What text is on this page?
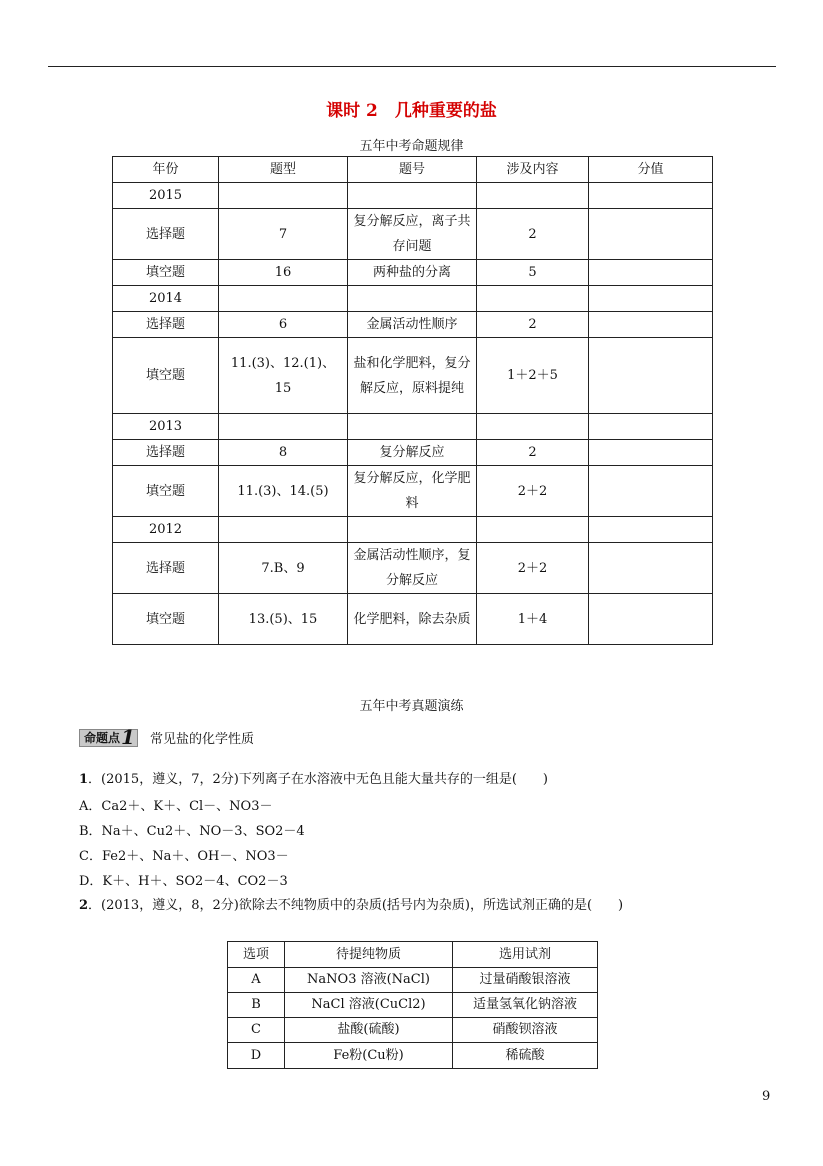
课时 2　几种重要的盐
五年中考命题规律
年份	题型	题号	涉及内容	分值
2015				
选择题	7	复分解反应，离子共存问题	2	
填空题	16	两种盐的分离	5	
2014				
选择题	6	金属活动性顺序	2	
填空题	11.(3)、12.(1)、15	盐和化学肥料，复分解反应，原料提纯	1＋2＋5	
2013				
选择题	8	复分解反应	2	
填空题	11.(3)、14.(5)	复分解反应，化学肥料	2＋2	
2012				
选择题	7.B、9	金属活动性顺序，复分解反应	2＋2	
填空题	13.(5)、15	化学肥料，除去杂质	1＋4	
五年中考真题演练
命题点 1 常见盐的化学性质
1．(2015，遵义，7，2分)下列离子在水溶液中无色且能大量共存的一组是(　　)
A．Ca2＋、K＋、Cl－、NO3－
B．Na＋、Cu2＋、NO－3、SO2－4
C．Fe2＋、Na＋、OH－、NO3－
D．K＋、H＋、SO2－4、CO2－3
2．(2013，遵义，8，2分)欲除去不纯物质中的杂质(括号内为杂质)，所选试剂正确的是(　　)
选项	待提纯物质	选用试剂
A	NaNO3 溶液(NaCl)	过量硝酸银溶液
B	NaCl 溶液(CuCl2)	适量氢氧化钠溶液
C	盐酸(硫酸)	硝酸钡溶液
D	Fe粉(Cu粉)	稀硫酸
9
